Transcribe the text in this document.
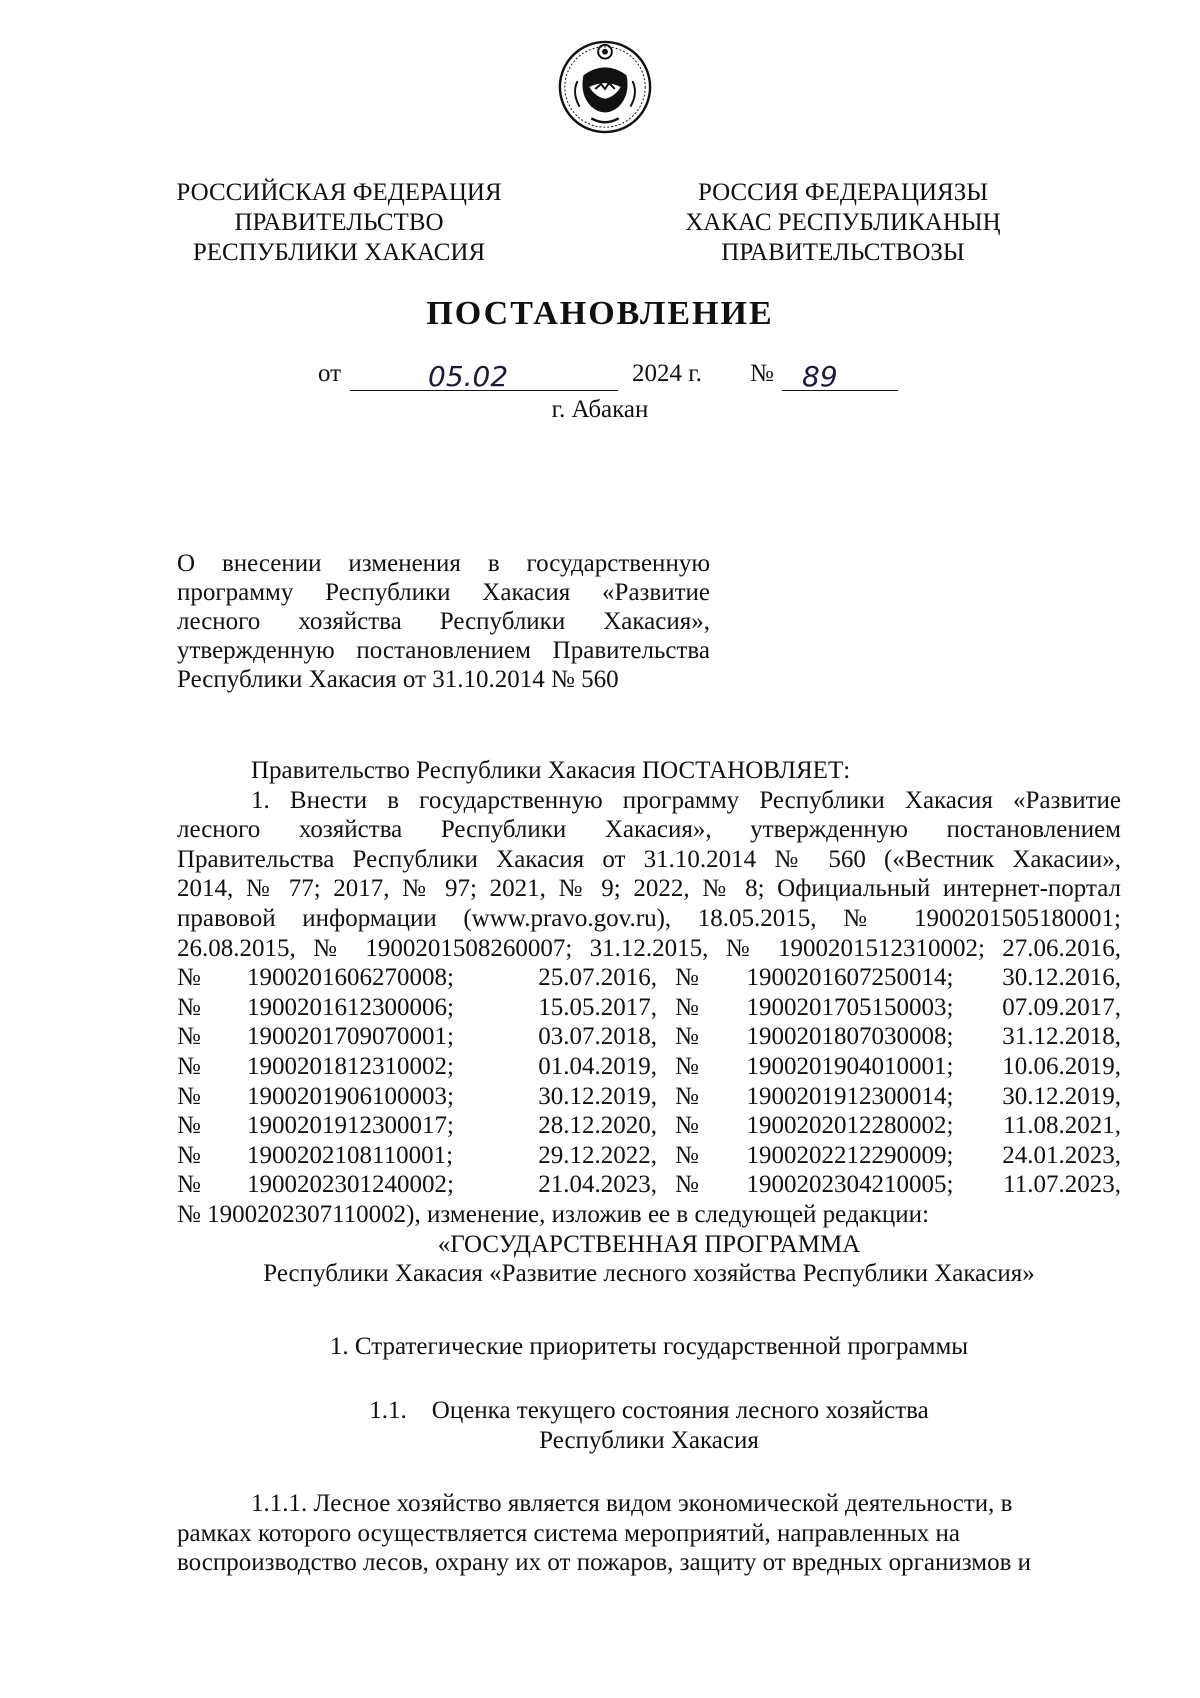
РОССИЙСКАЯ ФЕДЕРАЦИЯ
ПРАВИТЕЛЬСТВО
РЕСПУБЛИКИ ХАКАСИЯ
РОССИЯ ФЕДЕРАЦИЯЗЫ
ХАКАС РЕСПУБЛИКАНЫҢ
ПРАВИТЕЛЬСТВОЗЫ
ПОСТАНОВЛЕНИЕ
от	05.02	2024 г. № 89
г. Абакан
О внесении изменения в государственную
программу Республики Хакасия «Развитие
лесного хозяйства Республики Хакасия»,
утвержденную постановлением Правительства
Республики Хакасия от 31.10.2014 № 560
Правительство Республики Хакасия ПОСТАНОВЛЯЕТ:
1. Внести в государственную программу Республики Хакасия «Развитие
лесного хозяйства Республики Хакасия», утвержденную постановлением
Правительства Республики Хакасия от 31.10.2014 № 560 («Вестник Хакасии»,
2014, № 77; 2017, № 97; 2021, № 9; 2022, № 8; Официальный интернет-портал
правовой информации (www.pravo.gov.ru), 18.05.2015, № 1900201505180001;
26.08.2015, № 1900201508260007; 31.12.2015, № 1900201512310002; 27.06.2016,
№	1900201606270008;	25.07.2016,	№	1900201607250014;	30.12.2016,
№	1900201612300006;	15.05.2017,	№	1900201705150003;	07.09.2017,
№	1900201709070001;	03.07.2018,	№	1900201807030008;	31.12.2018,
№	1900201812310002;	01.04.2019,	№	1900201904010001;	10.06.2019,
№	1900201906100003;	30.12.2019,	№	1900201912300014;	30.12.2019,
№	1900201912300017;	28.12.2020,	№	1900202012280002;	11.08.2021,
№	1900202108110001;	29.12.2022,	№	1900202212290009;	24.01.2023,
№	1900202301240002;	21.04.2023,	№	1900202304210005;	11.07.2023,
№ 1900202307110002), изменение, изложив ее в следующей редакции:
«ГОСУДАРСТВЕННАЯ ПРОГРАММА
Республики Хакасия «Развитие лесного хозяйства Республики Хакасия»
1. Стратегические приоритеты государственной программы
1.1. Оценка текущего состояния лесного хозяйства
Республики Хакасия
1.1.1. Лесное хозяйство является видом экономической деятельности, в
рамках которого осуществляется система мероприятий, направленных на
воспроизводство лесов, охрану их от пожаров, защиту от вредных организмов и
